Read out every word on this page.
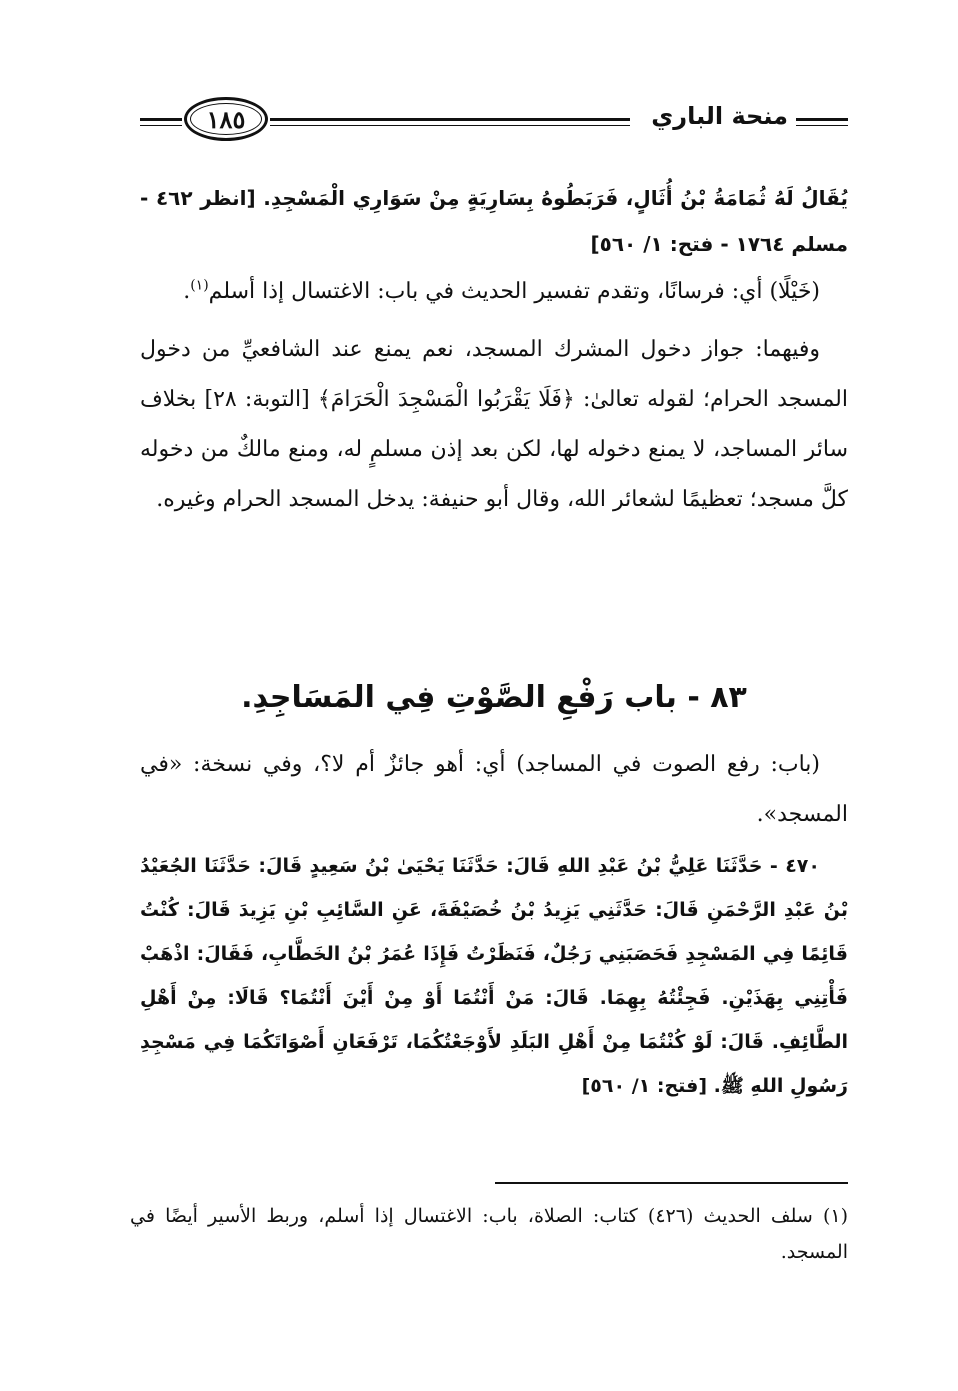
١٨٥	منحة الباري

يُقَالُ لَهُ ثُمَامَةُ بْنُ أُثَالٍ، فَرَبَطُوهُ بِسَارِيَةٍ مِنْ سَوَارِي الْمَسْجِدِ. [انظر ٤٦٢ - مسلم ١٧٦٤ - فتح: ١/ ٥٦٠]

(خَيْلًا) أي: فرسانًا، وتقدم تفسير الحديث في باب: الاغتسال إذا أسلم$^{(١)}$.

وفيهما: جواز دخول المشرك المسجد، نعم يمنع عند الشافعيِّ من دخول المسجد الحرام؛ لقوله تعالىٰ: ﴿فَلَا يَقْرَبُوا الْمَسْجِدَ الْحَرَامَ﴾ [التوبة: ٢٨] بخلاف سائر المساجد، لا يمنع دخوله لها، لكن بعد إذن مسلمٍ له، ومنع مالكٌ من دخوله كلَّ مسجد؛ تعظيمًا لشعائر الله، وقال أبو حنيفة: يدخل المسجد الحرام وغيره.

٨٣ - باب رَفْعِ الصَّوْتِ فِي المَسَاجِدِ.

(باب: رفع الصوت في المساجد) أي: أهو جائزٌ أم لا؟، وفي نسخة: «في المسجد».

٤٧٠ - حَدَّثَنَا عَلِيُّ بْنُ عَبْدِ اللهِ قَالَ: حَدَّثَنَا يَحْيَىٰ بْنُ سَعِيدٍ قَالَ: حَدَّثَنَا الجُعَيْدُ بْنُ عَبْدِ الرَّحْمَنِ قَالَ: حَدَّثَنِي يَزِيدُ بْنُ خُصَيْفَةَ، عَنِ السَّائِبِ بْنِ يَزِيدَ قَالَ: كُنْتُ قَائِمًا فِي المَسْجِدِ فَحَصَبَنِي رَجُلٌ، فَنَظَرْتُ فَإِذَا عُمَرُ بْنُ الخَطَّابِ، فَقَالَ: اذْهَبْ فَأْتِنِي بِهَذَيْنِ. فَجِئْتُهُ بِهِمَا. قَالَ: مَنْ أَنْتُمَا أَوْ مِنْ أَيْنَ أَنْتُمَا؟ قَالَا: مِنْ أَهْلِ الطَّائِفِ. قَالَ: لَوْ كُنْتُمَا مِنْ أَهْلِ البَلَدِ لأَوْجَعْتُكُمَا، تَرْفَعَانِ أَصْوَاتَكُمَا فِي مَسْجِدِ رَسُولِ اللهِ ﷺ. [فتح: ١/ ٥٦٠]

(١) سلف الحديث (٤٢٦) كتاب: الصلاة، باب: الاغتسال إذا أسلم، وربط الأسير أيضًا في المسجد.
